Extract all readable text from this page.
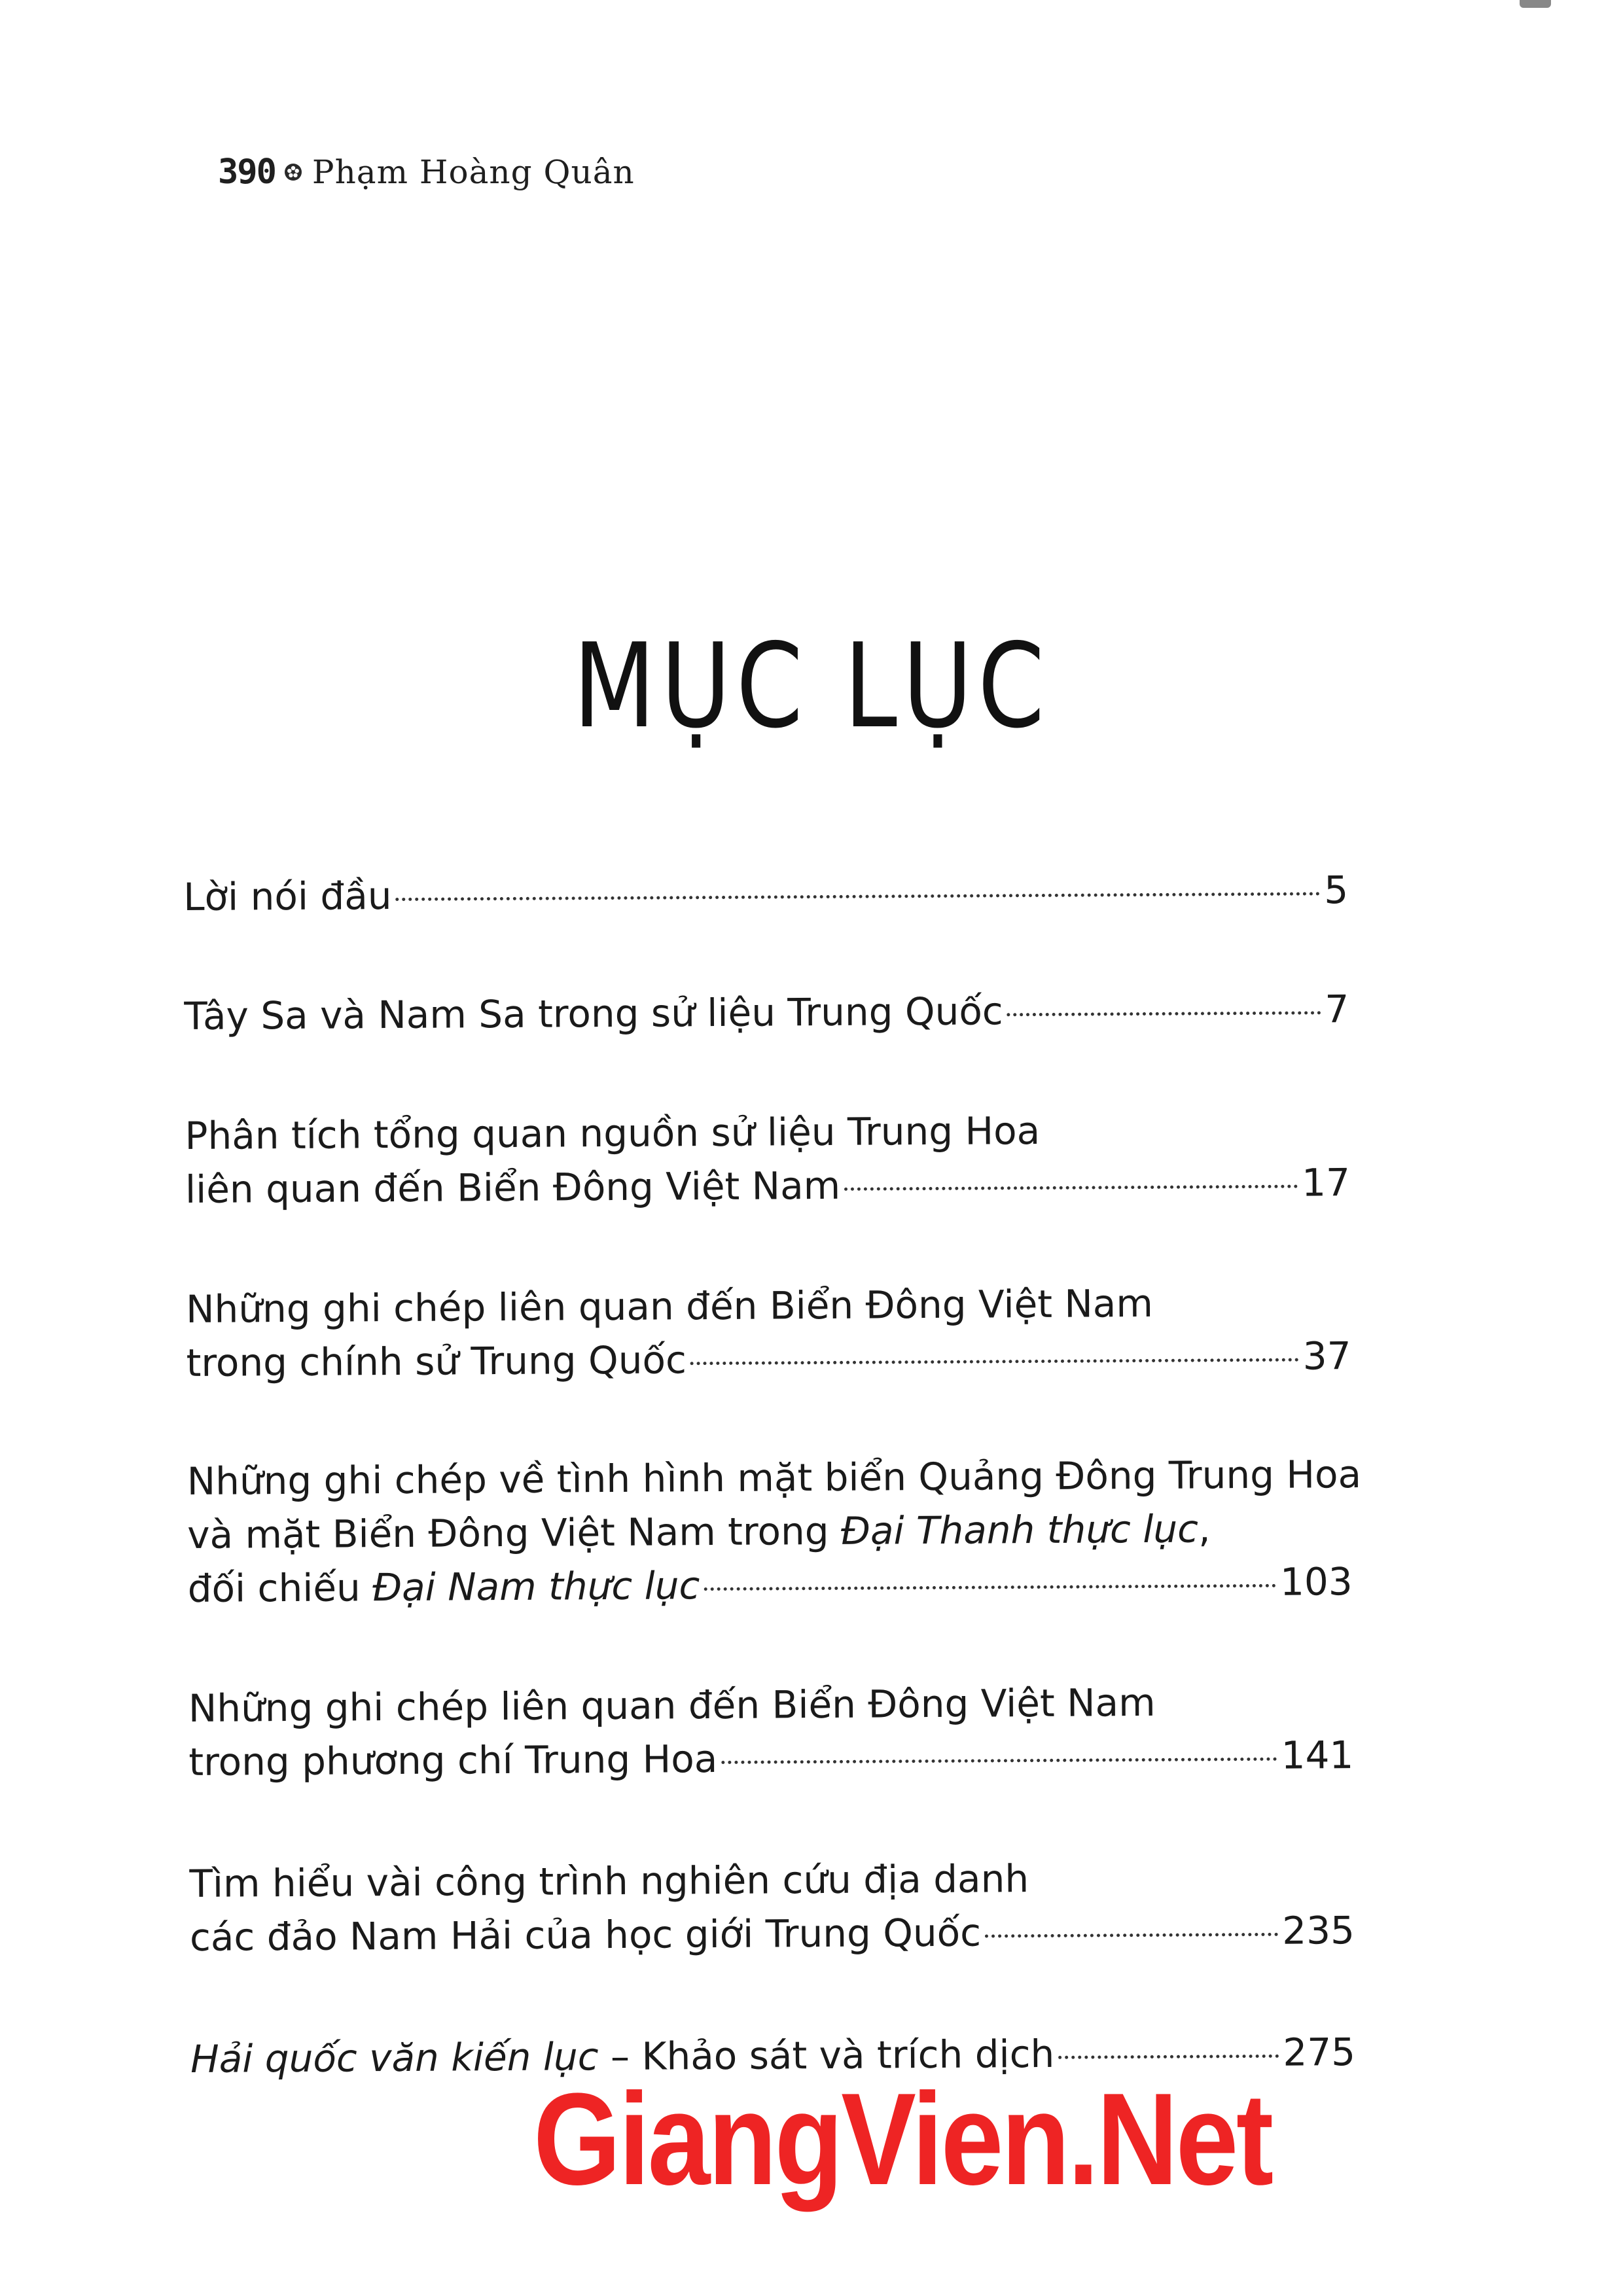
390 Phạm Hoàng Quân
MỤC LỤC
Lời nói đầu	5
Tây Sa và Nam Sa trong sử liệu Trung Quốc	7
Phân tích tổng quan nguồn sử liệu Trung Hoa
liên quan đến Biển Đông Việt Nam	17
Những ghi chép liên quan đến Biển Đông Việt Nam
trong chính sử Trung Quốc	37
Những ghi chép về tình hình mặt biển Quảng Đông Trung Hoa
và mặt Biển Đông Việt Nam trong Đại Thanh thực lục,
đối chiếu Đại Nam thực lục	103
Những ghi chép liên quan đến Biển Đông Việt Nam
trong phương chí Trung Hoa	141
Tìm hiểu vài công trình nghiên cứu địa danh
các đảo Nam Hải của học giới Trung Quốc	235
Hải quốc văn kiến lục – Khảo sát và trích dịch	275
GiangVien.Net
